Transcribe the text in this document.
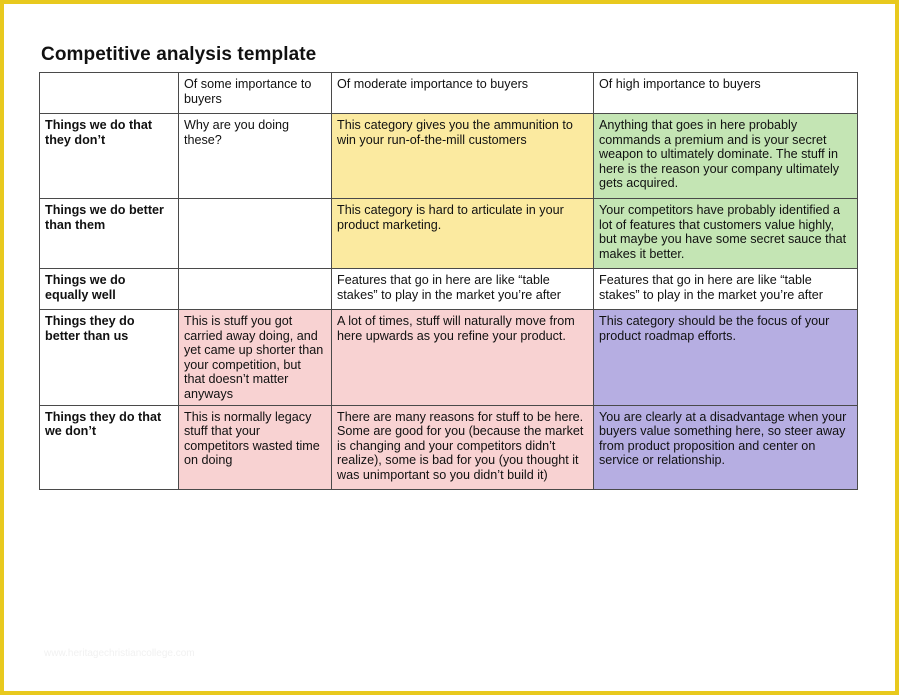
Competitive analysis template
	Of some importance to buyers	Of moderate importance to buyers	Of high importance to buyers
Things we do that they don’t	Why are you doing these?	This category gives you the ammunition to win your run-of-the-mill customers	Anything that goes in here probably commands a premium and is your secret weapon to ultimately dominate. The stuff in here is the reason your company ultimately gets acquired.
Things we do better than them		This category is hard to articulate in your product marketing.	Your competitors have probably identified a lot of features that customers value highly, but maybe you have some secret sauce that makes it better.
Things we do equally well		Features that go in here are like “table stakes” to play in the market you’re after	Features that go in here are like “table stakes” to play in the market you’re after
Things they do better than us	This is stuff you got carried away doing, and yet came up shorter than your competition, but that doesn’t matter anyways	A lot of times, stuff will naturally move from here upwards as you refine your product.	This category should be the focus of your product roadmap efforts.
Things they do that we don’t	This is normally legacy stuff that your competitors wasted time on doing	There are many reasons for stuff to be here. Some are good for you (because the market is changing and your competitors didn’t realize), some is bad for you (you thought it was unimportant so you didn’t build it)	You are clearly at a disadvantage when your buyers value something here, so steer away from product proposition and center on service or relationship.
www.heritagechristiancollege.com
